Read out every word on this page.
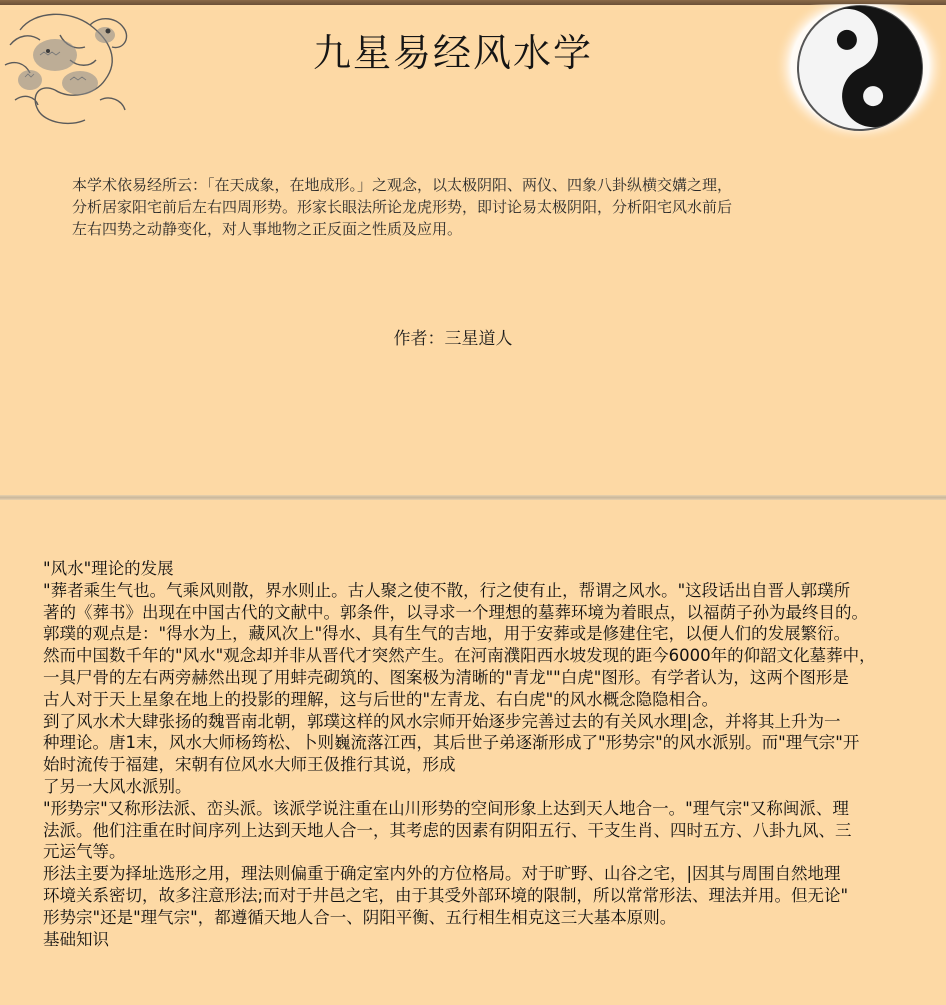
九星易经风水学

本学术依易经所云：「在天成象，在地成形。」之观念，以太极阴阳、两仪、四象八卦纵横交媾之理，
分析居家阳宅前后左右四周形势。形家长眼法所论龙虎形势，即讨论易太极阴阳，分析阳宅风水前后
左右四势之动静变化，对人事地物之正反面之性质及应用。

作者：三星道人

"风水"理论的发展

"葬者乘生气也。气乘风则散，界水则止。古人聚之使不散，行之使有止，帮谓之风水。"这段话出自晋人郭璞所
著的《葬书》出现在中国古代的文献中。郭条件，以寻求一个理想的墓葬环境为着眼点，以福荫子孙为最终目的。
郭璞的观点是："得水为上，藏风次上"得水、具有生气的吉地，用于安葬或是修建住宅，以便人们的发展繁衍。
然而中国数千年的"风水"观念却并非从晋代才突然产生。在河南濮阳西水坡发现的距今6000年的仰韶文化墓葬中，
一具尸骨的左右两旁赫然出现了用蚌壳砌筑的、图案极为清晰的"青龙""白虎"图形。有学者认为，这两个图形是
古人对于天上星象在地上的投影的理解，这与后世的"左青龙、右白虎"的风水概念隐隐相合。

到了风水术大肆张扬的魏晋南北朝，郭璞这样的风水宗师开始逐步完善过去的有关风水理|念，并将其上升为一
种理论。唐1末，风水大师杨筠松、卜则巍流落江西，其后世子弟逐渐形成了"形势宗"的风水派别。而"理气宗"开
始时流传于福建，宋朝有位风水大师王伋推行其说，形成
了另一大风水派别。

"形势宗"又称形法派、峦头派。该派学说注重在山川形势的空间形象上达到天人地合一。"理气宗"又称闽派、理
法派。他们注重在时间序列上达到天地人合一，其考虑的因素有阴阳五行、干支生肖、四时五方、八卦九风、三
元运气等。

形法主要为择址选形之用，理法则偏重于确定室内外的方位格局。对于旷野、山谷之宅，|因其与周围自然地理
环境关系密切，故多注意形法;而对于井邑之宅，由于其受外部环境的限制，所以常常形法、理法并用。但无论"
形势宗"还是"理气宗"，都遵循天地人合一、阴阳平衡、五行相生相克这三大基本原则。

基础知识
